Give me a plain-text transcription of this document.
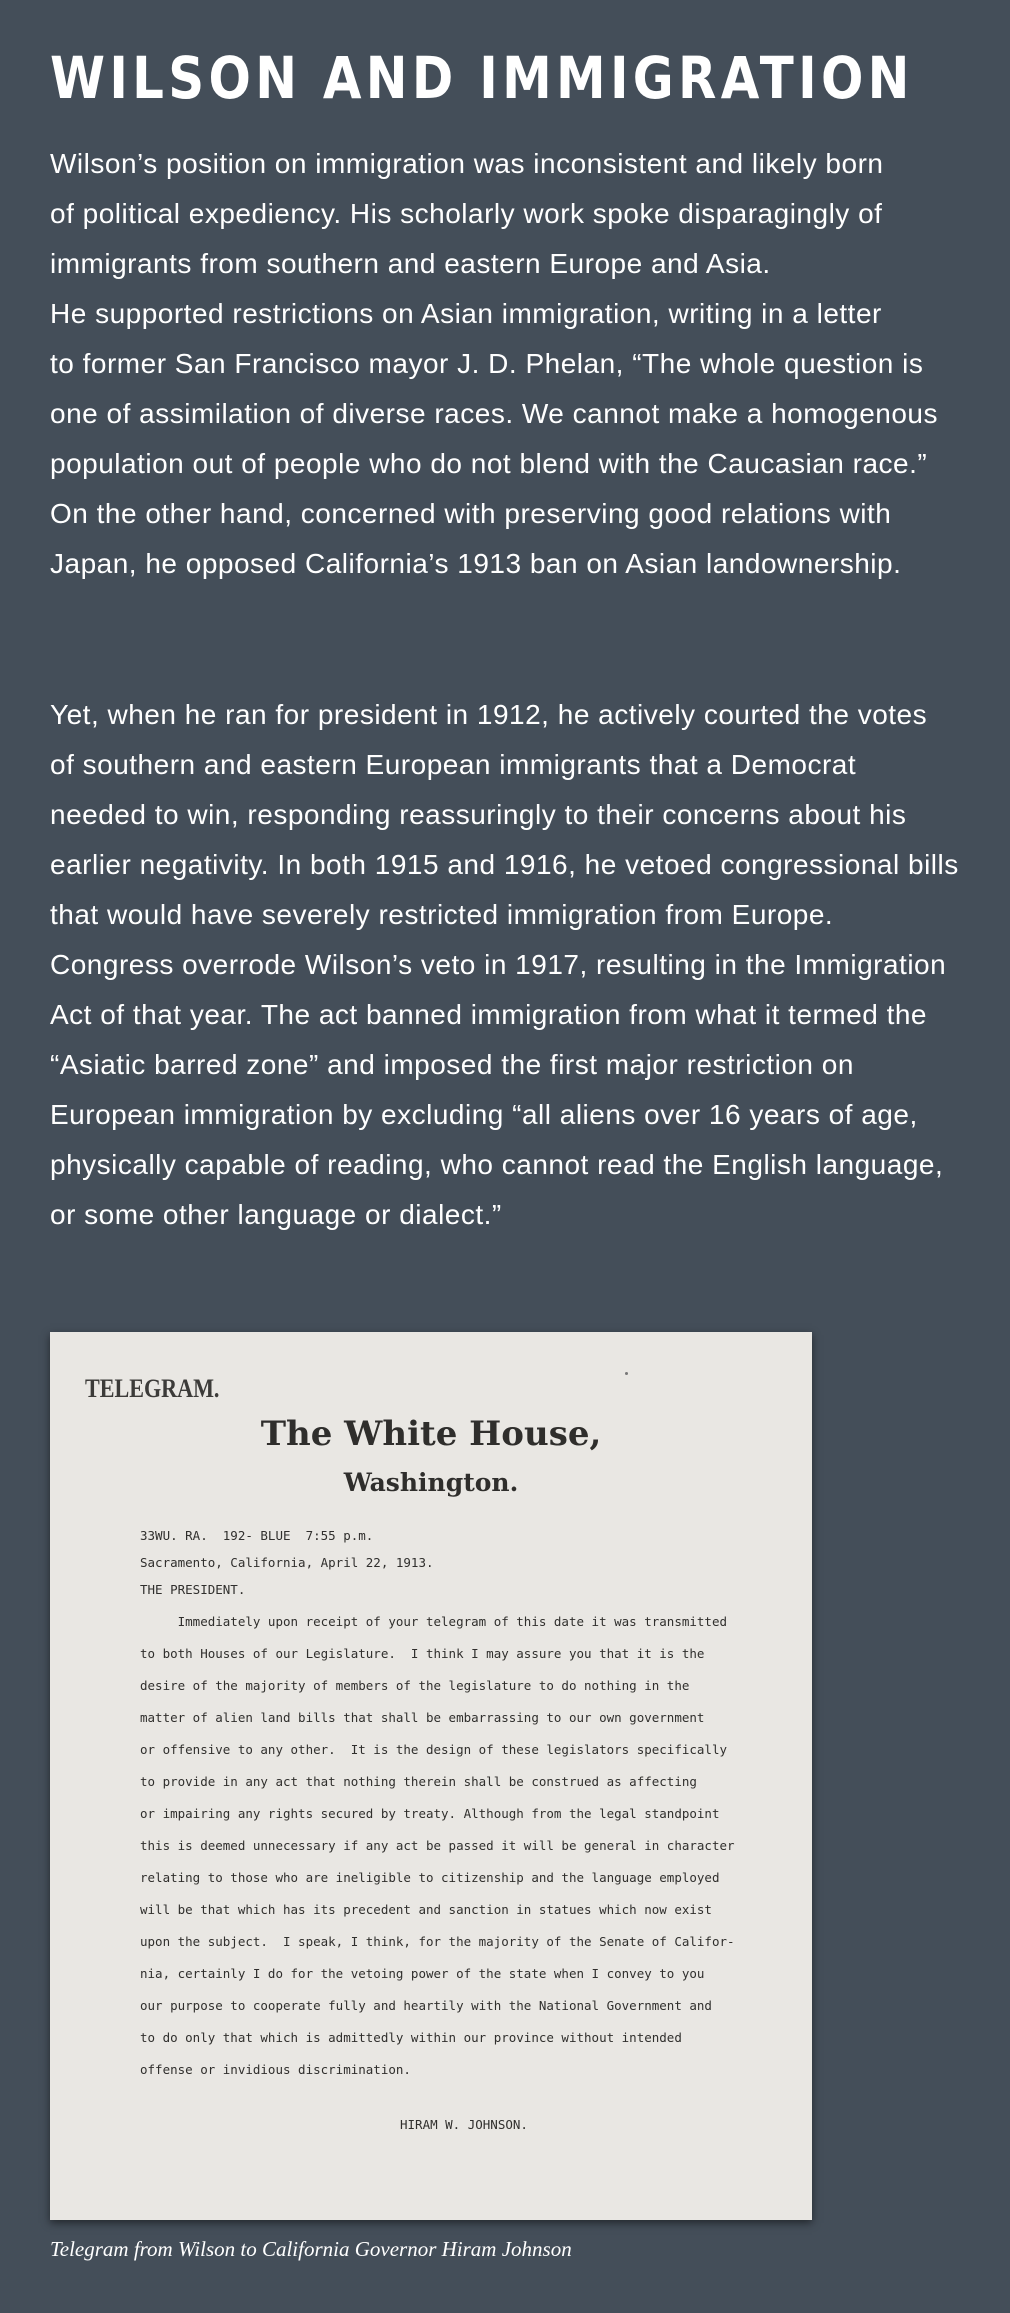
WILSON AND IMMIGRATION

Wilson’s position on immigration was inconsistent and likely born
of political expediency. His scholarly work spoke disparagingly of
immigrants from southern and eastern Europe and Asia.
He supported restrictions on Asian immigration, writing in a letter
to former San Francisco mayor J. D. Phelan, “The whole question is
one of assimilation of diverse races. We cannot make a homogenous
population out of people who do not blend with the Caucasian race.”
On the other hand, concerned with preserving good relations with
Japan, he opposed California’s 1913 ban on Asian landownership.

Yet, when he ran for president in 1912, he actively courted the votes
of southern and eastern European immigrants that a Democrat
needed to win, responding reassuringly to their concerns about his
earlier negativity. In both 1915 and 1916, he vetoed congressional bills
that would have severely restricted immigration from Europe.
Congress overrode Wilson’s veto in 1917, resulting in the Immigration
Act of that year. The act banned immigration from what it termed the
“Asiatic barred zone” and imposed the first major restriction on
European immigration by excluding “all aliens over 16 years of age,
physically capable of reading, who cannot read the English language,
or some other language or dialect.”

TELEGRAM.

The White House,

Washington.

33WU. RA.  192- BLUE  7:55 p.m.

Sacramento, California, April 22, 1913.

THE PRESIDENT.

Immediately upon receipt of your telegram of this date it was transmitted

to both Houses of our Legislature.  I think I may assure you that it is the

desire of the majority of members of the legislature to do nothing in the

matter of alien land bills that shall be embarrassing to our own government

or offensive to any other.  It is the design of these legislators specifically

to provide in any act that nothing therein shall be construed as affecting

or impairing any rights secured by treaty. Although from the legal standpoint

this is deemed unnecessary if any act be passed it will be general in character

relating to those who are ineligible to citizenship and the language employed

will be that which has its precedent and sanction in statues which now exist

upon the subject.  I speak, I think, for the majority of the Senate of Califor-

nia, certainly I do for the vetoing power of the state when I convey to you

our purpose to cooperate fully and heartily with the National Government and

to do only that which is admittedly within our province without intended

offense or invidious discrimination.

HIRAM W. JOHNSON.

Telegram from Wilson to California Governor Hiram Johnson
